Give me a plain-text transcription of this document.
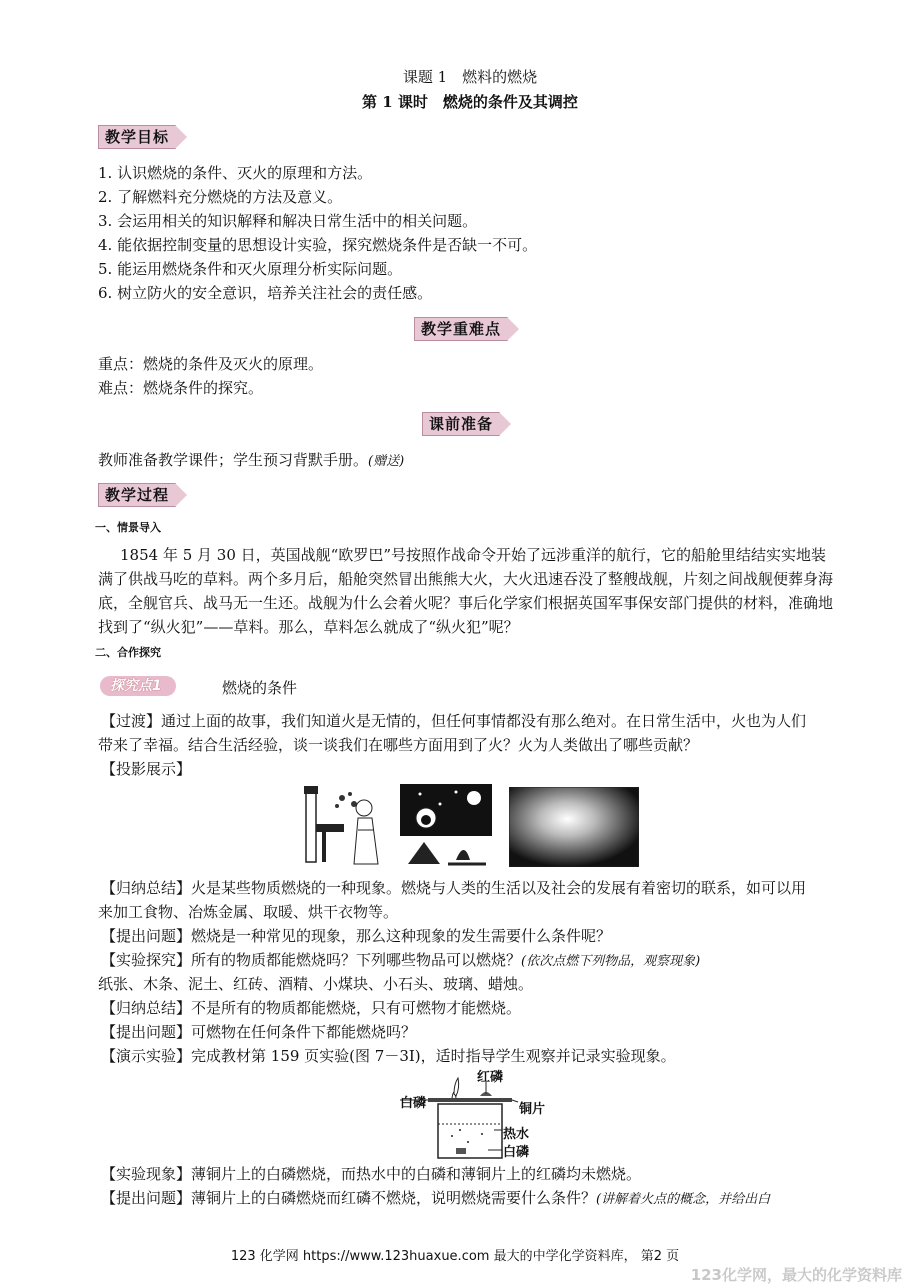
课题 1　燃料的燃烧
第 1 课时　燃烧的条件及其调控
教学目标
1. 认识燃烧的条件、灭火的原理和方法。
2. 了解燃料充分燃烧的方法及意义。
3. 会运用相关的知识解释和解决日常生活中的相关问题。
4. 能依据控制变量的思想设计实验，探究燃烧条件是否缺一不可。
5. 能运用燃烧条件和灭火原理分析实际问题。
6. 树立防火的安全意识，培养关注社会的责任感。
教学重难点
重点：燃烧的条件及灭火的原理。
难点：燃烧条件的探究。
课前准备
教师准备教学课件；学生预习背默手册。(赠送)
教学过程
一、情景导入
1854 年 5 月 30 日，英国战舰“欧罗巴”号按照作战命令开始了远涉重洋的航行，它的船舱里结结实实地装
满了供战马吃的草料。两个多月后，船舱突然冒出熊熊大火，大火迅速吞没了整艘战舰，片刻之间战舰便葬身海
底，全舰官兵、战马无一生还。战舰为什么会着火呢？事后化学家们根据英国军事保安部门提供的材料，准确地
找到了“纵火犯”——草料。那么，草料怎么就成了“纵火犯”呢？
二、合作探究
探究点1	燃烧的条件
【过渡】通过上面的故事，我们知道火是无情的，但任何事情都没有那么绝对。在日常生活中，火也为人们
带来了幸福。结合生活经验，谈一谈我们在哪些方面用到了火？火为人类做出了哪些贡献？
【投影展示】
【归纳总结】火是某些物质燃烧的一种现象。燃烧与人类的生活以及社会的发展有着密切的联系，如可以用
来加工食物、冶炼金属、取暖、烘干衣物等。
【提出问题】燃烧是一种常见的现象，那么这种现象的发生需要什么条件呢？
【实验探究】所有的物质都能燃烧吗？下列哪些物品可以燃烧？(依次点燃下列物品，观察现象)
纸张、木条、泥土、红砖、酒精、小煤块、小石头、玻璃、蜡烛。
【归纳总结】不是所有的物质都能燃烧，只有可燃物才能燃烧。
【提出问题】可燃物在任何条件下都能燃烧吗？
【演示实验】完成教材第 159 页实验(图 7－3Ⅰ)，适时指导学生观察并记录实验现象。
红磷
白磷	铜片
热水
白磷
【实验现象】薄铜片上的白磷燃烧，而热水中的白磷和薄铜片上的红磷均未燃烧。
【提出问题】薄铜片上的白磷燃烧而红磷不燃烧，说明燃烧需要什么条件？(讲解着火点的概念，并给出白
123 化学网 https://www.123huaxue.com 最大的中学化学资料库， 第2 页
123化学网，最大的化学资料库
